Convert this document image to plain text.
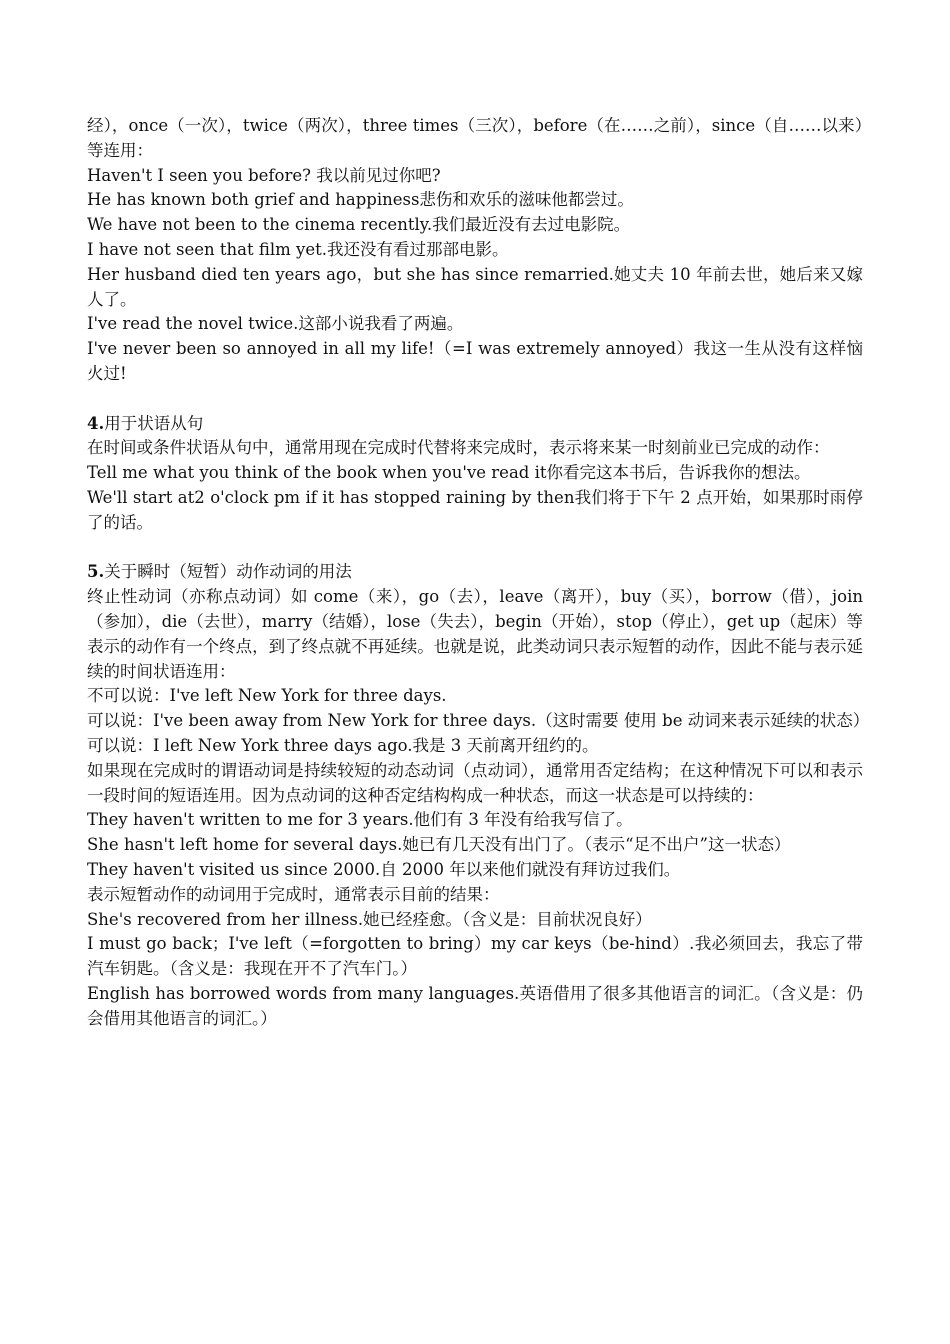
经），once（一次），twice（两次），three times（三次），before（在……之前），since（自……以来）等连用：

Haven't I seen you before? 我以前见过你吧?

He has known both grief and happiness悲伤和欢乐的滋味他都尝过。

We have not been to the cinema recently.我们最近没有去过电影院。

I have not seen that film yet.我还没有看过那部电影。

Her husband died ten years ago，but she has since remarried.她丈夫 10 年前去世，她后来又嫁人了。

I've read the novel twice.这部小说我看了两遍。

I've never been so annoyed in all my life!（=I was extremely annoyed）我这一生从没有这样恼火过!

4.用于状语从句

在时间或条件状语从句中，通常用现在完成时代替将来完成时，表示将来某一时刻前业已完成的动作：

Tell me what you think of the book when you've read it你看完这本书后，告诉我你的想法。

We'll start at2 o'clock pm if it has stopped raining by then我们将于下午 2 点开始，如果那时雨停了的话。

5.关于瞬时（短暂）动作动词的用法

终止性动词（亦称点动词）如 come（来），go（去），leave（离开），buy（买），borrow（借），join（参加），die（去世），marry（结婚），lose（失去），begin（开始），stop（停止），get up（起床）等表示的动作有一个终点，到了终点就不再延续。也就是说，此类动词只表示短暂的动作，因此不能与表示延续的时间状语连用：

不可以说：I've left New York for three days.

可以说：I've been away from New York for three days.（这时需要 使用 be 动词来表示延续的状态）

可以说：I left New York three days ago.我是 3 天前离开纽约的。

如果现在完成时的谓语动词是持续较短的动态动词（点动词），通常用否定结构；在这种情况下可以和表示一段时间的短语连用。因为点动词的这种否定结构构成一种状态，而这一状态是可以持续的：

They haven't written to me for 3 years.他们有 3 年没有给我写信了。

She hasn't left home for several days.她已有几天没有出门了。（表示“足不出户”这一状态）

They haven't visited us since 2000.自 2000 年以来他们就没有拜访过我们。

表示短暂动作的动词用于完成时，通常表示目前的结果：

She's recovered from her illness.她已经痊愈。（含义是：目前状况良好）

I must go back；I've left（=forgotten to bring）my car keys（be-hind）.我必须回去，我忘了带汽车钥匙。（含义是：我现在开不了汽车门。）

English has borrowed words from many languages.英语借用了很多其他语言的词汇。（含义是：仍会借用其他语言的词汇。）
